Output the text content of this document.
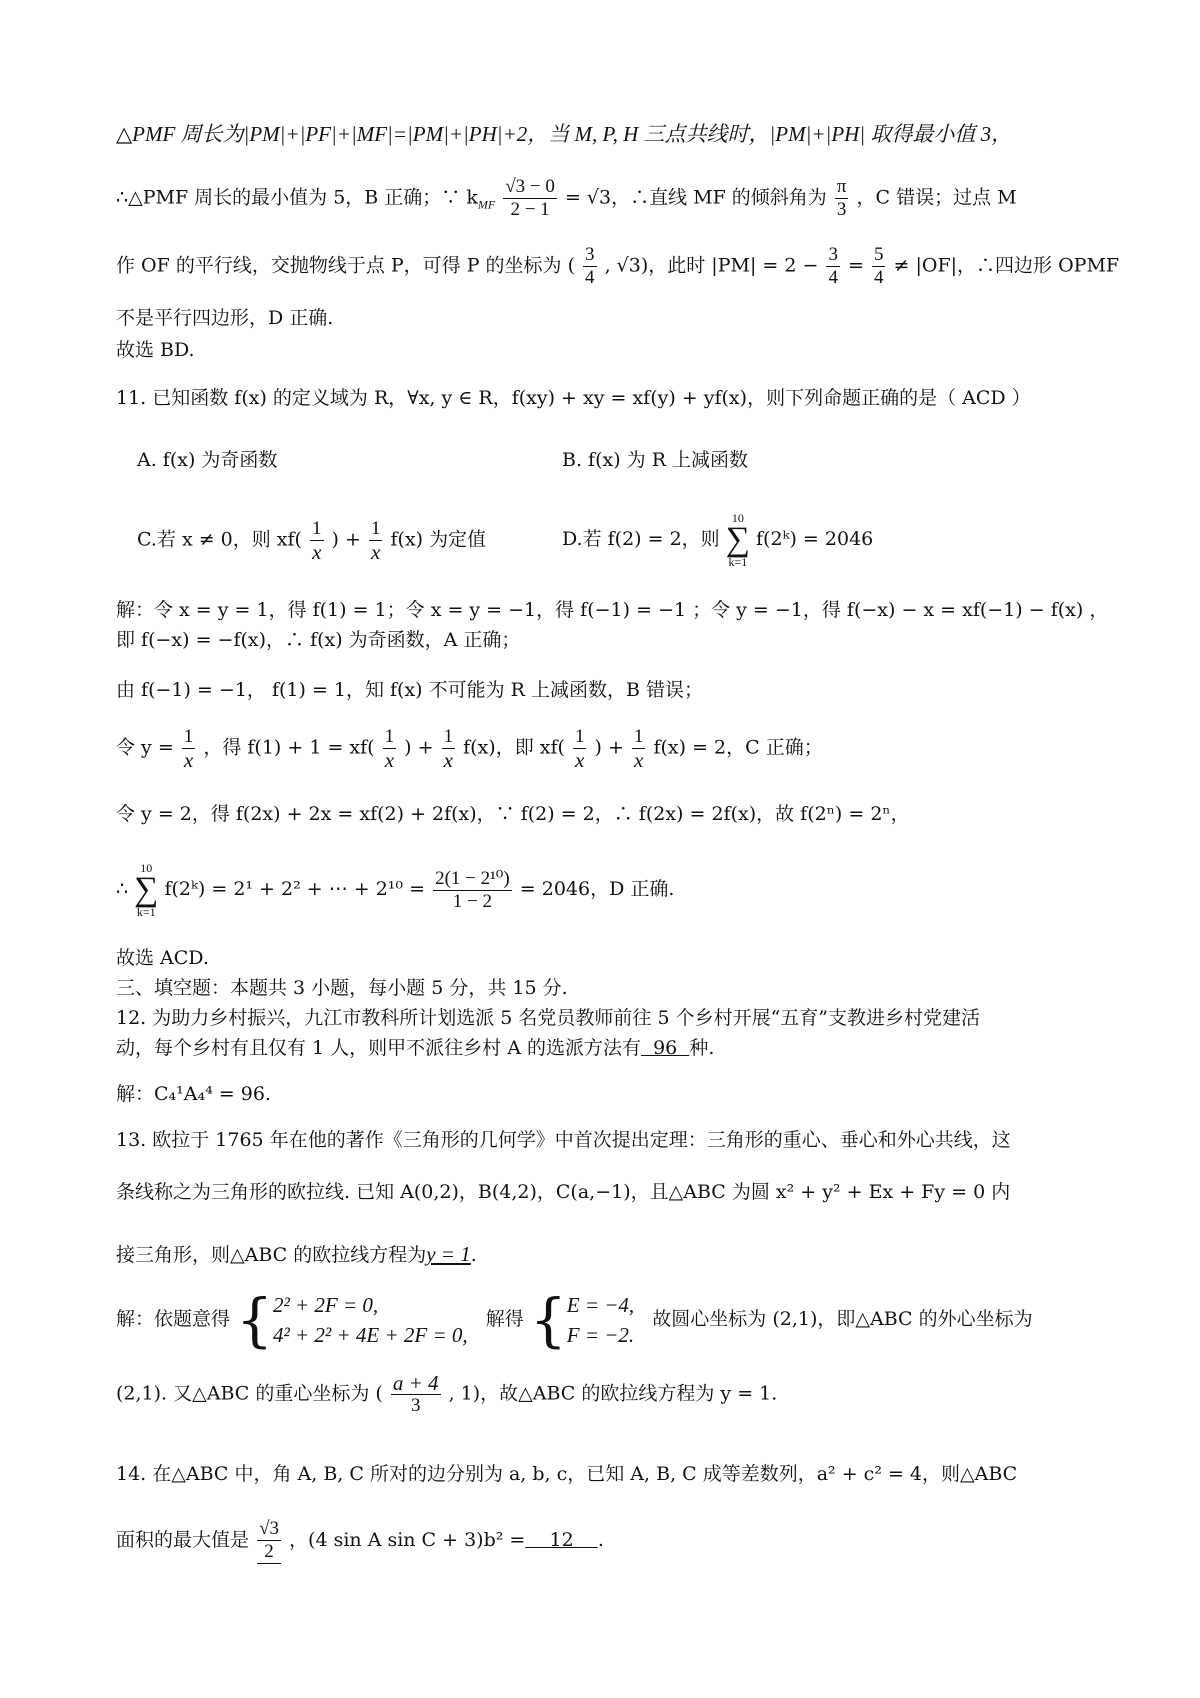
△PMF 周长为|PM|+|PF|+|MF|=|PM|+|PH|+2，当 M, P, H 三点共线时，|PM|+|PH| 取得最小值 3，
∴△PMF 周长的最小值为 5，B 正确；∵ $k_{MF} \frac{√3 - 0}{2 - 1} = √3$，∴直线 MF 的倾斜角为 $\frac{\pi}{3}$ ，C 错误；过点 M
作 OF 的平行线，交抛物线于点 P，可得 P 的坐标为 ( $\frac{3}{4}$ , √3)，此时 $|PM| = 2 - \frac{3}{4} = \frac{5}{4} \ne |OF|$，∴四边形 OPMF
不是平行四边形，D 正确.
故选 BD.
11. 已知函数 f(x) 的定义域为 R，∀x, y ∈ R，f(xy) + xy = xf(y) + yf(x)，则下列命题正确的是（ ACD ）
A. f(x) 为奇函数	B. f(x) 为 R 上减函数
C.若 x ≠ 0，则 $xf( \frac{1}{x}$ ) + $\frac{1}{x} f(x)$ 为定值	D.若 f(2) = 2，则 10
∑
k=1 f(2ᵏ) = 2046
解：令 x = y = 1，得 f(1) = 1；令 x = y = −1，得 f(−1) = −1 ；令 y = −1，得 f(−x) − x = xf(−1) − f(x) ，
即 f(−x) = −f(x)，∴ f(x) 为奇函数，A 正确；
由 f(−1) = −1， f(1) = 1，知 f(x) 不可能为 R 上减函数，B 错误；
令 $y = \frac{1}{x}$ ，得 $f(1) + 1 = xf( \frac{1}{x}$ ) + $\frac{1}{x} f(x)$，即 $xf( \frac{1}{x}$ ) + $\frac{1}{x} f(x) = 2$，C 正确；
令 y = 2，得 f(2x) + 2x = xf(2) + 2f(x)，∵ f(2) = 2，∴ f(2x) = 2f(x)，故 f(2ⁿ) = 2ⁿ，
∴ 10
∑
k=1 f(2ᵏ) = 2¹ + 2² + ⋯ + $2^{10} = \frac{\text{2(1 − 2¹⁰)}}{1 - 2} = 2046$，D 正确.
故选 ACD.
三、填空题：本题共 3 小题，每小题 5 分，共 15 分.
12. 为助力乡村振兴，九江市教科所计划选派 5 名党员教师前往 5 个乡村开展“五育”支教进乡村党建活
动，每个乡村有且仅有 1 人，则甲不派往乡村 A 的选派方法有  96  种.
解：C₄¹A₄⁴ = 96.
13. 欧拉于 1765 年在他的著作《三角形的几何学》中首次提出定理：三角形的重心、垂心和外心共线，这
条线称之为三角形的欧拉线. 已知 A(0,2)，B(4,2)，C(a,−1)，且△ABC 为圆 x² + y² + Ex + Fy = 0 内
接三角形，则△ABC 的欧拉线方程为y = 1.
解：依题意得 { 2² + 2F = 0,
4² + 2² + 4E + 2F = 0,
解得 { E = −4,
F = −2.
故圆心坐标为 (2,1)，即△ABC 的外心坐标为
(2,1). 又△ABC 的重心坐标为 ( $\frac{a + 4}{3}$ , 1)，故△ABC 的欧拉线方程为 y = 1.
14. 在△ABC 中，角 A, B, C 所对的边分别为 a, b, c，已知 A, B, C 成等差数列，a² + c² = 4，则△ABC
面积的最大值是 $\frac{√3}{2}$ ，(4 sin A sin C + 3)b² =    12    .
